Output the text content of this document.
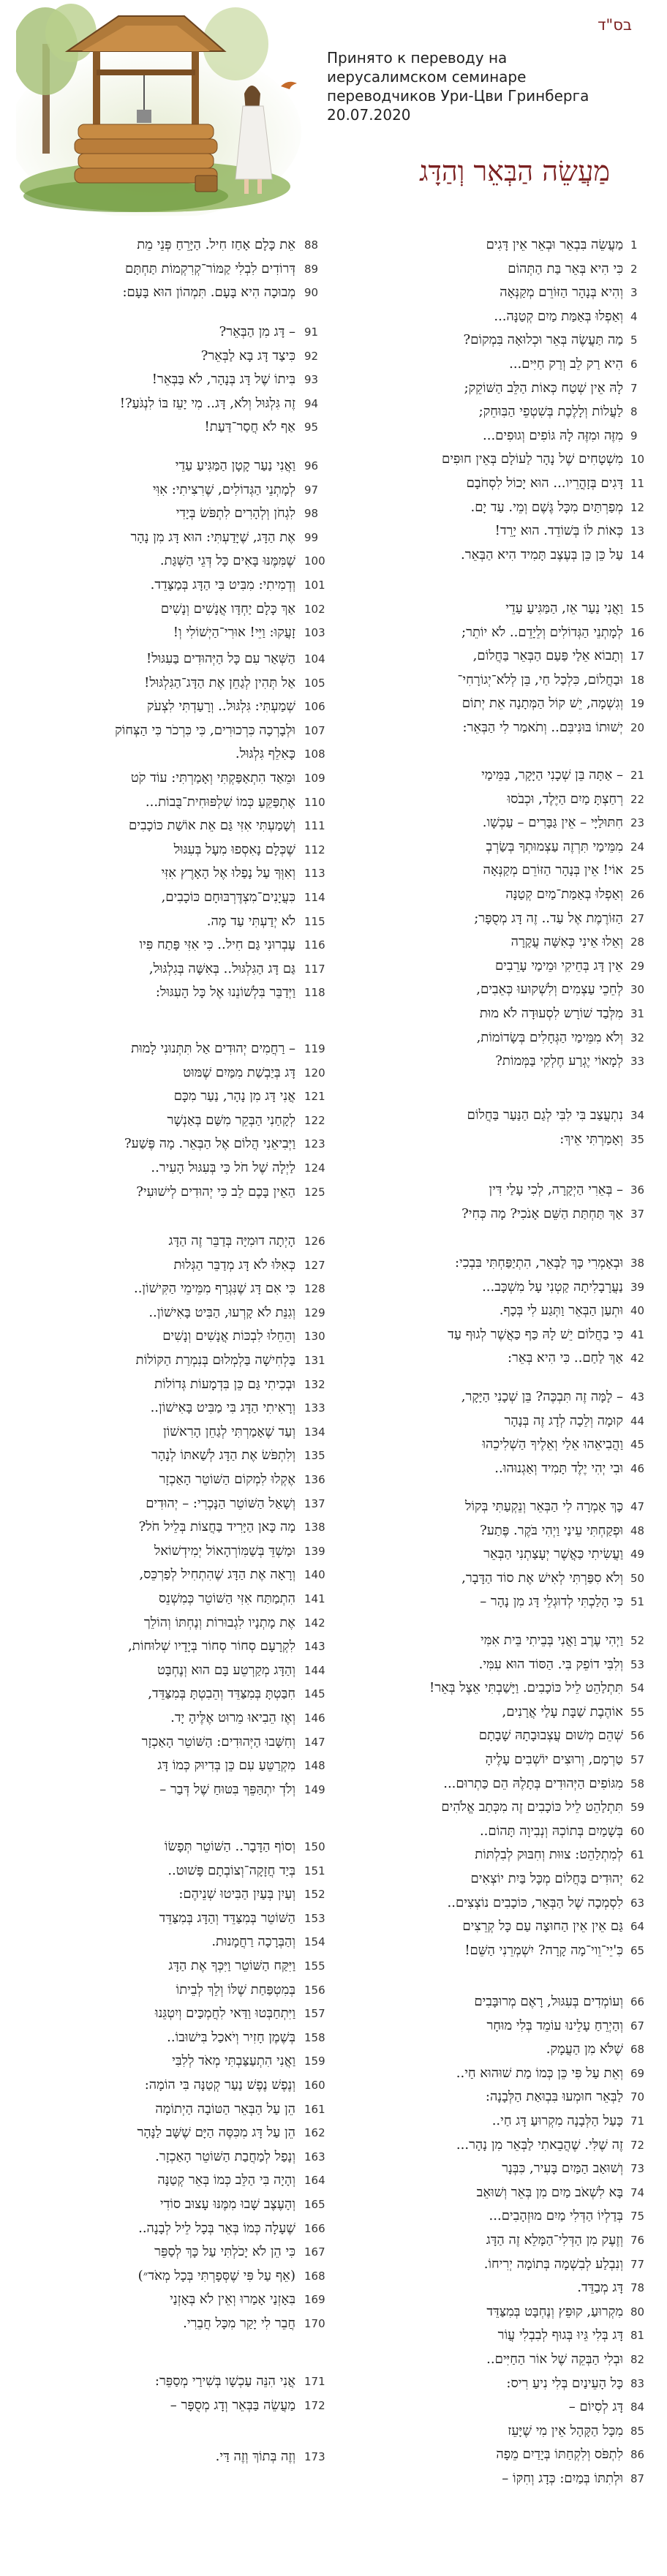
בס"ד
Принято к переводу на
иерусалимском семинаре
переводчиков Ури-Цви Гринберга
20.07.2020
מַעֲשֵׂה הַבְּאֵר וְהַדָּג
1
מַעֲשֵׂה בִּבְאֵר וּבְאֵר אֵין דָּגִים
2
כִּי הִיא בְּאֵר בַּת הַתְּהוֹם
3
וְהִיא בְּנָהָר הַזּוֹרֵם מְקַנְּאָה
4
וְאַפְלוּ בְּאַמַּת מַיִם קְטַנָּה...
5
מַה תַּעֲשֶׂה בְּאֵר וּכְלוּאָה בִּמְקוֹם?
6
הִיא רַק לֵב וְרַק חַיִּים...
7
לָהּ אֵין שְׁטַח כְּאוֹת הַלֵּב הַשּׁוֹקֵק;
8
לַעֲלוֹת וְלָלֶכֶת בְּשִׁטְפֵי הַבִּוּחֵק;
9
מִזֶּה וּמִזֶּה לָהּ גּוֹפִים וְגוּפִים...
10
מִשְׁטָחִים שֶׁל נָהָר לַעוֹלָם בְּאֵין חוּפִים
11
דָּגִים בְּזָהֳרֵיו... הוּא יָכוֹל לִסְחֹבָם
12
מְפַרְתַּיִם מִכָּל גֶּשֶׁם וְמֵי. עַד יָם.
13
כְּאוֹת לוֹ בְּשׁוֹדֵד. הוּא יָרֵד!
14
עַל כֵּן כֵּן בְּעֶצֶב תָּמִיד הִיא הַבְּאֵר.
15
וַאֲנִי נַעַר אֵז, הַמַּגִּיעַ עַדֵי
16
לְמָתְנֵי הַגְּדוֹלִים וְלֵיָדֵם.. לֹא יוֹתֵר;
17
וְתָבוֹא אֵלַי פַּעַם הַבְּאֵר בַּחֲלוֹם,
18
וּבַחֲלוֹם, כִּלְכַל חַי, בֵּן לְלֹא־יְגוֹרָחִי־
19
וְגִשְׁמָה, יֵשׁ קוֹל הַמְּתָנָה אֵת יְתוֹם
20
יְשׁוּתוֹ בּוּנִיבִּם.. וְתֹאמַר לִי הַבְּאֵר:
21
– אַתָּה בֵּן שְׁכָנִי הַיָּקָר, בַּמֵּימַי
22
רְחַצְתָּ מַיִם הַיֶּלֶד, וּכְבֹסוּ
23
חִתּוּלַיָּי – אֵין גַּבָּרִים – עַכְשָׁו.
24
מִמֵּימַי תִּרְזֶה עַצְמוּתְךָ בְּשַׂרְבְ
25
אוֹי! אֵין בְּנָהָר הַזּוֹרֵם מְקַנְּאָה
26
וְאַפְלוּ בְּאַמַּת־מַיִם קְטַנָּה
27
הַזּוֹרֶמֶת אֶל עַד.. זֶה דָּג מְסֻפָּר;
28
וְאֵלוּ אֵינִי כְּאִשָּׁה עֲקָרָה
29
אֵין דָּג בְּחֵיקִי וּמֵימַי עָרֵבִים
30
לְחֵכֵי עַצְמִים וְלִשְׁקוּעוּ כְּאֵבִים,
31
מִלְּבַד שׁוֹרָש לִסְעוּדָה לֹא מוּת
32
וְלֹא מִמֵּימַי הַגְּחָלִים בְּשָׂדוֹמוֹת,
33
לְמָאוֹי יֶגְרַע חֶלְקִי בַּמְּמוֹת?
34
נִתְעֲצַב בִּי לִבִּי לְגַם הַנַּעַר בַּחֲלוֹם
35
וְאָמַרְתִּי אֵיךְ:
36
– בְּאֵרִי הַיְקָרָה, לְכִי עָלַי דִּין
37
אַךְ תַּחְתַּת הַשֵּׁם אָנֹכִי? מָה כְּחִי?
38
וּבְאָמְרִי כָּךְ לַבְּאֵר, הִתְיַפַּחְתִּי בִּבְכִי:
39
נַעֲרָבָלִיתָה קַטְנִי עָל מִשְׁכָּב...
40
וּתְעַן הַבְּאֵר וַתְּגַע לִי בְּכָף.
41
כִּי בַחֲלוֹם יֵשׁ לָהּ כַּף כַּאֲשֶׁר לְגוּף עַד
42
אַךְ לַחַם.. כִּי הִיא בְּאֵר:
43
– לָמָּה זֶה תִּבְכֶּה? בֵּן שְׁכָנִי הַיָּקָר,
44
קוּמָה וְלֵכָה לְדָג זֶה בְּנָהָר
45
וַהֲבִיאֵהוּ אֵלַי וְאֵלֶיךָ הַשְׁלִיכֵהוּ
46
וּבִי יְהִי יֶלֶד תָּמִיד וְאַגְנוּהוּ..
47
כָּךְ אָמְרָה לִי הַבְּאֵר וְנֵקְעַתִּי בְּקוֹל
48
וּפְקַחְתִּי עֵינַי וַיְהִי בֹּקֶר. פֶּתַע?
49
וַעֲשִׂיתִי כַּאֲשֶׁר יְעָצַתְנִי הַבְּאֵר
50
וְלֹא סִפַּרְתִּי לְאִישׁ אֶת סוֹד הַדָּבָר,
51
כִּי הָלַכְתִּי לְדוּגְלֵי דָּג מִן נָהָר –
52
וַיְהִי עֶרֶב וַאֲנִי בְּבֵיתִי בֵּית אִמִּי
53
וְלִבִּי דוֹפֵק בִּי. הַסּוֹד הוּא עִמִּי.
54
תִּתְלַהֵט לֵיל כּוֹכָבִים. וַיָּשַׁבְתִּי אֵצֶל בְּאֵר!
55
אוֹהֶבֶת שַׁבָּת עָלַי אֲרָנִים,
56
שְׁהֵם מְשׁוּם עֲצְבוּבָתָהּ שָׁבָתָם
57
טַרְמָם, וְרוּצִים יוֹשְׁבִים עָלֶיהָ
58
מִגּוֹפִים הַיְּהוּדִים בְּתָלֶהּ הֵם כַּתְרוּם...
59
תִּתְלַהֵט לֵיל כּוֹכָבִים זֶה מִכְּתַב אֱלֹהִים
60
בְּשָׁמַיִם בְּתוֹכְהּ וְנְבִיוָה תָּהוֹם..
61
לְמִתְלַהֵט: צוּוּת וְחִבּוּק לְבִלְתּוֹת
62
יְהוּדִים בַּחֲלוֹם מְכָּל בַּיִת יוֹצְאִים
63
לִסְמְכָה שֶׁל הַבְּאֵר, כּוֹכָבִים נוֹצְצִים..
64
גַּם אֵין אֵין הַחוּצָה עַם כָּל קְרֵצִים
65
כִּ'יֵי־וֵוי־מָה קָרָה? יִשְׁמְרֵנִי הַשֵּׁם!
66
וְעוֹמְדִים בְּעִגּוּל, רָאֶם מְרוּבָּבִים
67
וְהַיְרֵחַ עָלֵינוּ עוֹמֵד בְּלִי מוּחָר
68
שֶׁלֹּא מִן הַעֲמָק.
69
וְאֵת עַל פִּי כֵּן כְּמוֹ מַת שׁוּהוּא חַי..
70
לַבְּאֵר חוּמְעוּ בִּבְוּאַת הַלְּבָנָה:
71
כָּעַל הַלְּבָנָה מִקְרוּעַ דָּג חַי..
72
זֶה שֶׁלִּי. שֶׁהֲבֵאתִי לַבְּאֵר מִן נָהָר...
73
וְשׁוּאַב הַמַּיִם בָּעִיר, כִּבְּנָר
74
בָּא לִשְׁאֹב מַיִם מִן בְּאֵר וְשׁוּאֵב
75
בְּדַלְיוֹ הַדְּלִי מַיִם מוּזְהָבִים...
76
וְזֶעֶק מִן הַדְּלִי־הַמָּלֵא זֶה הַדָּג
77
וְנִבְלַע לְבִשְׁמָה בְּתוֹמָה יְרִיחוֹ.
78
דָּג מְבַדֵּד.
80
מִקְרוּעַ, קוּפֵץ וְנֶחְבָּט בְּמִצַּדֵּד
81
דָּג בְּלִי גֵּיוּ בְּגוּף לְבִבְלִי עֲוֹר
82
וּבְלִי הַבְּקֵה שֶׁל אוֹר הַחַיִּים..
83
כָּל הָעֵינַיִם בְּלִי נִיעַ רִיס:
84
דָּג לְסִיוֹם –
85
מִכָּל הַקָּהָל אֵין מִי שֶׁיָּעֵז
86
לִתְפֹּס וְלִקְחַתּוֹ בְּיָדַיִם מֵפָה
87
וּלְתִתּוֹ בְּמַיִם: כְּדָג וְחִקּוֹ –
88
אֵת כָּלָם אָחַז חִיל. הַיָּרֵחַ פְּנֵי מֵת
89
דְּרוֹדִים לִבְלִי קַמּוֹר־קְרִקְמוֹת תַּחְתָּם
90
מְבוּכָה הִיא בָּעָם. תִּמְהוֹן הוּא בָּעָם:
91
– דָּג מִן הַבְּאֵר?
92
כִּיצַד דָּג בָּא לַבְּאֵר?
93
בִּיתוֹ שֶׁל דָּג בְּנָהָר, לֹא בַּבְּאֵר!
94
זֶה גִּלְגּוּל וְלֹא, דָּג.. מִי יָעֵז בּוֹ לִנְגֹּעַ?!
95
אַף לֹא חֲסַר־דַּעַת!
96
וַאֲנִי נַעַר קָטָן הַמַּגִּיעַ עַדֵי
97
לְמָתְנֵי הַגְּדוֹלִים, שֶׁרִצִיתִי: אִוִּי
98
לִגְחֹן וְלְהָרִים לִתְפֹּשׂ בְּיָדִי
99
אֶת הַדָּג, שֶׁיָּדַעְתִּי: הוּא דָּג מִן נָהָר
100
שֶׁמִּמֶּנּוּ בָּאִים כָּל דְּגֵי הַשְּׁגַּת.
101
וְדְמִיתִי: מִבִּיט בִּי הַדָּג בְּמַצָּדֵד.
102
אַךְ כָּלָם יַחְדָּו אֲנָשִׁים וְנָשִׁים
103
זָעֲקוּ: וַיֵּי! אוּרִי־הַיְשׁוֹלִי וְ!
104
הַשְּׁאַר עִם כָּל הַיְּהוּדִים בַּעִגּוּל!
105
אַל תְּהִין לְגַחֵן אֶת הַדָּג־הַגִּלְגּוּל!
106
שְׁמַעְתִּי: גִּלְגּוּל.. וְרָעַדְתִּי לִצְעֹק
107
וּלְבָרְכָה כִּרְכוּרִים, כִּי כִּרְכֹר כִּי הַצְּחוֹק
108
כָּאִלֵף גִּלְגּוּל.
109
וּמֵאַד הִתְאַפַּקְתִּי וְאָמַרְתִּי: עוֹד קֹט
110
אֶתְפַּקֵּעַ כְּמוֹ שִׁלְפּוּחִית־בֻּבוֹת...
111
וְשָׁמַעְתִּי אִזִּי גַּם אֵת אוֹשַׁת כּוֹכָבִים
112
שֶׁכְּלָם נָאִסְפוּ מִעָל בְּעִגּוּל
113
וְאִוְּךָ עַל נָפַלוּ אֶל הָאָרֶץ אִזִּי
114
כִּעֲיָנִים־מִצְדֶּרְבּוּחָם כּוֹכָבִים,
115
לֹא יְדַעְתִּי עַד מָה.
116
עָבְרוּנִי גַּם חִיל.. כִּי אִזִּי פָּתַח פִּיו
117
גַּם דָּג הַגִּלְגּוּל.. בְּאִשָּׁה בְּגִלְגּוּל,
118
וַיְּדַבֵּר בִּלְשׁוֹנֵנוּ אֶל כָּל הָעִגּוּל:
119
– רַחֲמִים יְהוּדִים אַל תִּתְּנוּנִי לָמוּת
120
דָּג בְּיַבְשַׁת מִמַּיִם שֶׁמּוּט
121
אֲנִי דָּג מִן נָהָר, נַעַר מִכָּם
122
לְקָחַנִי הַבְּקֵר מִשַּׁם בְּאַנְשָׁר
123
וַיְּבִיאֵנִי הֲלוֹם אֶל הַבְּאֵר. מָה פֶּשַׁע?
124
לַיְלָה שֶׁל חֹל כִּי בְּעִגּוּל הָעִיר..
125
הַאֵין בָּכֶם לֵב כִּי יְהוּדִים לְישׁוּעִי?
126
הָיְתָה דוּמִיָּה בְּדַבֵּר זֶה הַדָּג
127
כְּאִלּוּ לֹא דָּג מְדַבֵּר הַגְּלוּת
128
כִּי אִם דָּג שֶׁנִּגְרַף מִמֵּימֵי הַקִּישׁוֹן..
129
וְגִנֵּת לֹא קָרְעוּ, הַבִּיט בָּאִישׁוֹן..
130
וְהֵחֵלוּ לִבְכּוֹת אֲנָשִׁים וְנָשִׁים
131
בַּלְחִישָׁה בַּלְמְלוּם בְּנִמְרַת הַקּוֹלוֹת
132
וּבְכִיתִי גַּם כֵּן בִּדְמָעוֹת גְּדוֹלוֹת
133
וְרָאִיתִי הַדָּג בִּי מַבִּיט בָּאִישׁוֹן..
134
וְעַד שֶׁאָמַרְתִּי לְגַחֵן הָרִאשׁוֹן
135
וְלִתְפֹּשׂ אֶת הַדָּג לְשַׁאתּוֹ לְנָהָר
136
אֶקְלוּ לִמְקוֹם הַשּׁוֹטֵר הָאַכְזָר
137
וְשָׁאַל הַשּׁוֹטֵר הַנָּכְרִי: – יְהוּדִים
138
מָה כָּאן הַיָּרִיד בַּחֲצוֹת בְּלֵיל חֹל?
139
וּמַשְׁדֵּ בְּשַׁמִּוֹרְהָאוֹל יְמִידְשׁוֹאל
140
וְרָאָה אֶת הַדָּג שֶׁהִתְחִיל לְפַרְכֵּס,
141
הִתְמַתַּח אִזִּי הַשּׁוֹטֵר כְּמִשְׁנֵס
142
אֶת מָתְנָיו לִגְבוּרוֹת וְנֶחְתּוֹ וְהוֹלֵך
143
לִקְרָעָם סְחוֹר סְחוֹר בְּיָדָיו שְׁלוּחוֹת,
144
וְהַדָּג מְקַרְטֵע בָּם הוּא וְנֶחְבָּט
145
חִבַּטְתָּ בְּמִצַּדֵּד וְהֵבִטְתָּ בְּמִצַּדֵּד,
146
וְאֶז הֵבִיאוּ מֵרוּט אֶלֶּיהָ יָד.
147
וְחִשָּׁבוּ הַיְּהוּדִים: הַשּׁוֹטֵר הָאַכְזָר
148
מִקְרַטֵּעַ עִם כֵּן בְּדִיוּק כְּמוֹ דָּג
149
וְלֹדְ יִתְהַּפֵּךְ בִּטּוּחַ שֶׁל דְּבַר –
150
וְסוֹף הַדָּבָר.. הַשּׁוֹטֵר תְּפָשׂוֹ
151
בְּיַד חֲזָקָה־וְצוֹבְתָם פָּשׁוּט..
152
וְעַיִן בְּעַיִן הַבִּיטוּ שְׁנֵיהֶם:
153
הַשּׁוֹטֵר בְּמִצַּדֵּד וְהַדָּג בְּמִצַּדֵּד
154
וְהַבְּרָכָה רַחֲמָנוּת.
155
וַיִּקַּח הַשּׁוֹטֵר וַיִּכְּךָ אֶת הַדָּג
156
בְּמִטְפַּחַת שֶׁלּוֹ וְלֵךְ לְבֵיתוֹ
157
וַיִּתְחַבְּטוּ וַדַּאי לִחֲמְכַּים וְיִטְגֵּנוּ
158
בְּשֶׁמֶן חָזִיר וְיֹאכַל בִּישׁוּבוֹ..
159
וַאֲנִי הִתְעַצַּבְתִּי מְאֹד לְלִבִּי
160
וְנֶפֶשׁ נֶפֶשׁ נַעַר קְטַנָּה בִּי הוֹמָה:
161
הֵן עַל הַבְּאֵר הַטּוֹבָה הַיְתוֹמָה
162
הֵן עַל דָּג מִכִּסֶּה הַיָּם שֶׁשָּׁב לַנָּהָר
163
וְנָפַל לְמַחֲבַת הַשּׁוֹטֵר הָאַכְזָר.
164
וְהָיָה בִּי הַלֵּב כְּמוֹ בְּאֵר קְטַנָּה
165
וְהָעֶצֶב שָׁבוּ מִמֶּנּוּ עָצוּב סוֹדִי
166
שֶׁעָלָה כְּמוֹ בְּאֵר בְּכָל לֵיל לְבָנָה..
167
כִּי הֵן לֹא יָכֹלְתִּי עַל כָּךְ לְסַפֵּר
168
(אֵף עַל פִּי שֶׁסְּפָרְתִּי בְּכָל מְאֹד״)
169
בִּאָזְנַי אָמַרוּ וְאֵין לֹא בְּאָזְנַי
170
חֲבֵר לִי יָקַר מִכָּל חֲבֵרִי.
171
אֲנִי הִנֵּה עַכְשָׁו בְּשִׁירַי מְסַפֵּר:
172
מַעֲשֵׂה בַּבְּאֵר וְדָג מְסֻפָּר –
173
וְזֶה בְּתוֹךְ וְזֶה דַּי.
